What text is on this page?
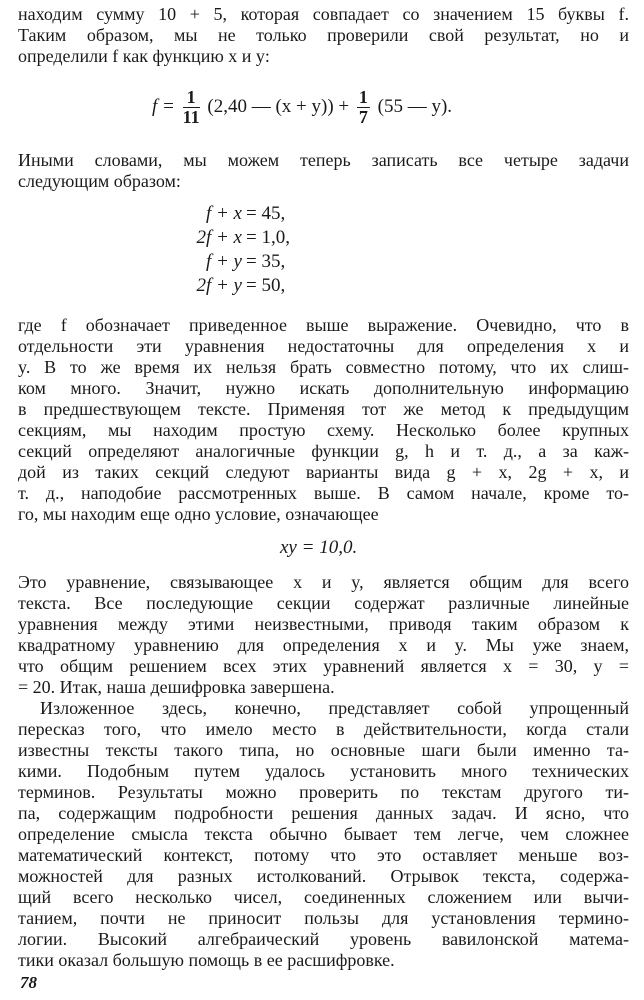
находим сумму 10 + 5, которая совпадает со значением 15 буквы f.
Таким образом, мы не только проверили свой результат, но и
определили f как функцию x и y:
$f = \frac{1}{11} (2,40$ — $(x + y)) + \frac{1}{7} (55$ — y).
Иными словами, мы можем теперь записать все четыре задачи
следующим образом:
f + x = 45,
2f + x = 1,0,
f + y = 35,
2f + y = 50,
где f обозначает приведенное выше выражение. Очевидно, что в
отдельности эти уравнения недостаточны для определения x и
y. В то же время их нельзя брать совместно потому, что их слиш-
ком много. Значит, нужно искать дополнительную информацию
в предшествующем тексте. Применяя тот же метод к предыдущим
секциям, мы находим простую схему. Несколько более крупных
секций определяют аналогичные функции g, h и т. д., а за каж-
дой из таких секций следуют варианты вида g + x, 2g + x, и
т. д., наподобие рассмотренных выше. В самом начале, кроме то-
го, мы находим еще одно условие, означающее
xy = 10,0.
Это уравнение, связывающее x и y, является общим для всего
текста. Все последующие секции содержат различные линейные
уравнения между этими неизвестными, приводя таким образом к
квадратному уравнению для определения x и y. Мы уже знаем,
что общим решением всех этих уравнений является x = 30, y =
= 20. Итак, наша дешифровка завершена.
Изложенное здесь, конечно, представляет собой упрощенный
пересказ того, что имело место в действительности, когда стали
известны тексты такого типа, но основные шаги были именно та-
кими. Подобным путем удалось установить много технических
терминов. Результаты можно проверить по текстам другого ти-
па, содержащим подробности решения данных задач. И ясно, что
определение смысла текста обычно бывает тем легче, чем сложнее
математический контекст, потому что это оставляет меньше воз-
можностей для разных истолкований. Отрывок текста, содержа-
щий всего несколько чисел, соединенных сложением или вычи-
танием, почти не приносит пользы для установления термино-
логии. Высокий алгебраический уровень вавилонской матема-
тики оказал большую помощь в ее расшифровке.
78
